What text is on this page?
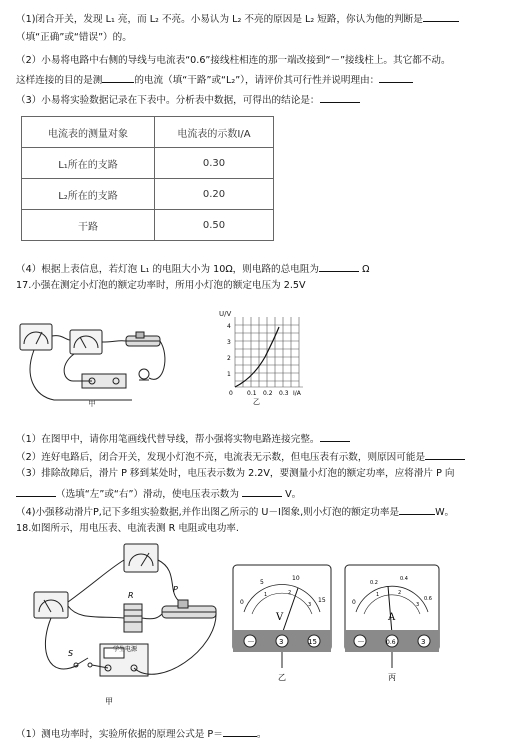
（1)闭合开关，发现 L₁ 亮，而 L₂ 不亮。小易认为 L₂ 不亮的原因是 L₂ 短路，你认为他的判断是
（填“正确”或“错误”）的。
（2）小易将电路中右侧的导线与电流表“0.6”接线柱相连的那一端改接到“－”接线柱上。其它都不动。
这样连接的目的是测	的电流（填“干路”或“L₂”），请评价其可行性并说明理由：
（3）小易将实验数据记录在下表中。分析表中数据，可得出的结论是：
电流表的测量对象	电流表的示数I/A
L₁所在的支路	0.30
L₂所在的支路	0.20
干路	0.50
（4）根据上表信息，若灯泡 L₁ 的电阻大小为 10Ω，则电路的总电阻为	Ω
17.小强在测定小灯泡的额定功率时，所用小灯泡的额定电压为 2.5V
甲
U/V
4
3
2
1
0 0.1 0.2 0.3 I/A
乙
（1）在图甲中，请你用笔画线代替导线，帮小强将实物电路连接完整。
（2）连好电路后，闭合开关，发现小灯泡不亮，电流表无示数，但电压表有示数，则原因可能是
（3）排除故障后，滑片 P 移到某处时，电压表示数为 2.2V，要测量小灯泡的额定功率，应将滑片 P 向
（选填“左”或“右”）滑动，使电压表示数为	V。
（4)小强移动滑片P,记下多组实验数据,并作出图乙所示的 U－I图象,则小灯泡的额定功率是	W。
18.如图所示，用电压表、电流表测 R 电阻或电功率.
学生电源
R
P
S
甲
0
5
10
15
1	2
3
V
－	3	15
乙
0
0.2
0.4
0.6
1	2
3
A
－	0.6	3
丙
（1）测电功率时，实验所依据的原理公式是 P＝	。
